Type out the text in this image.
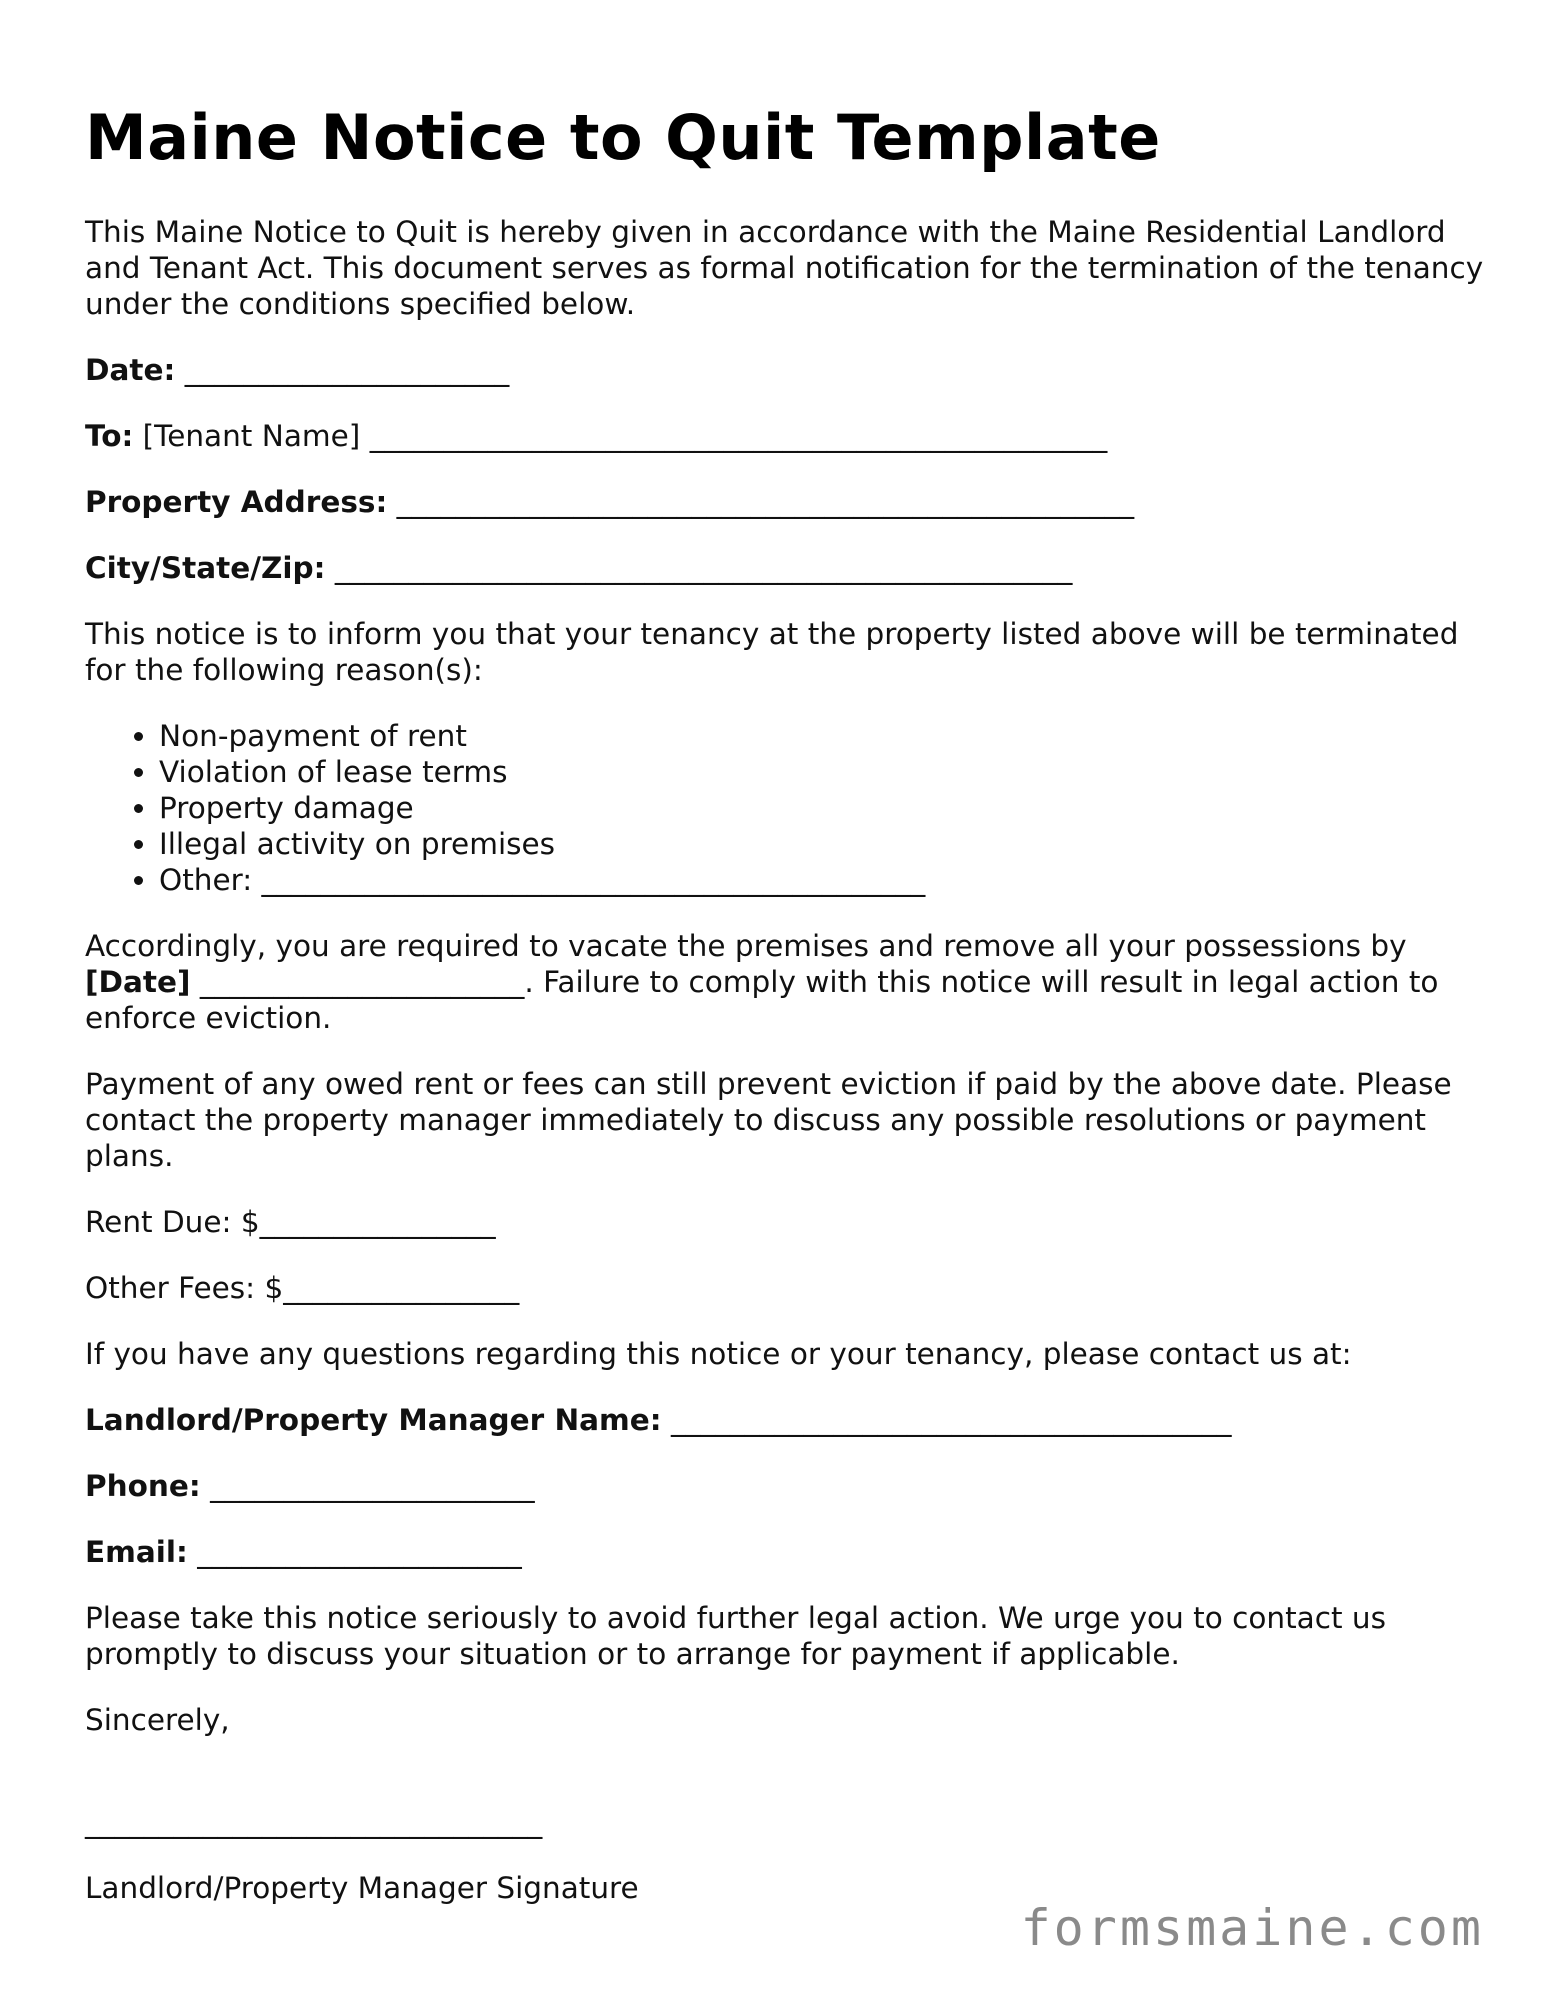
Maine Notice to Quit Template

This Maine Notice to Quit is hereby given in accordance with the Maine Residential Landlord and Tenant Act. This document serves as formal notification for the termination of the tenancy under the conditions specified below.

Date: ______________________
To: [Tenant Name] __________________________________________________
Property Address: __________________________________________________
City/State/Zip: __________________________________________________

This notice is to inform you that your tenancy at the property listed above will be terminated for the following reason(s):

• Non-payment of rent
• Violation of lease terms
• Property damage
• Illegal activity on premises
• Other: _____________________________________________

Accordingly, you are required to vacate the premises and remove all your possessions by [Date] ______________________. Failure to comply with this notice will result in legal action to enforce eviction.

Payment of any owed rent or fees can still prevent eviction if paid by the above date. Please contact the property manager immediately to discuss any possible resolutions or payment plans.

Rent Due: $________________
Other Fees: $________________

If you have any questions regarding this notice or your tenancy, please contact us at:

Landlord/Property Manager Name: ______________________________________
Phone: ______________________
Email: ______________________

Please take this notice seriously to avoid further legal action. We urge you to contact us promptly to discuss your situation or to arrange for payment if applicable.

Sincerely,

_______________________________
Landlord/Property Manager Signature
formsmaine.com
